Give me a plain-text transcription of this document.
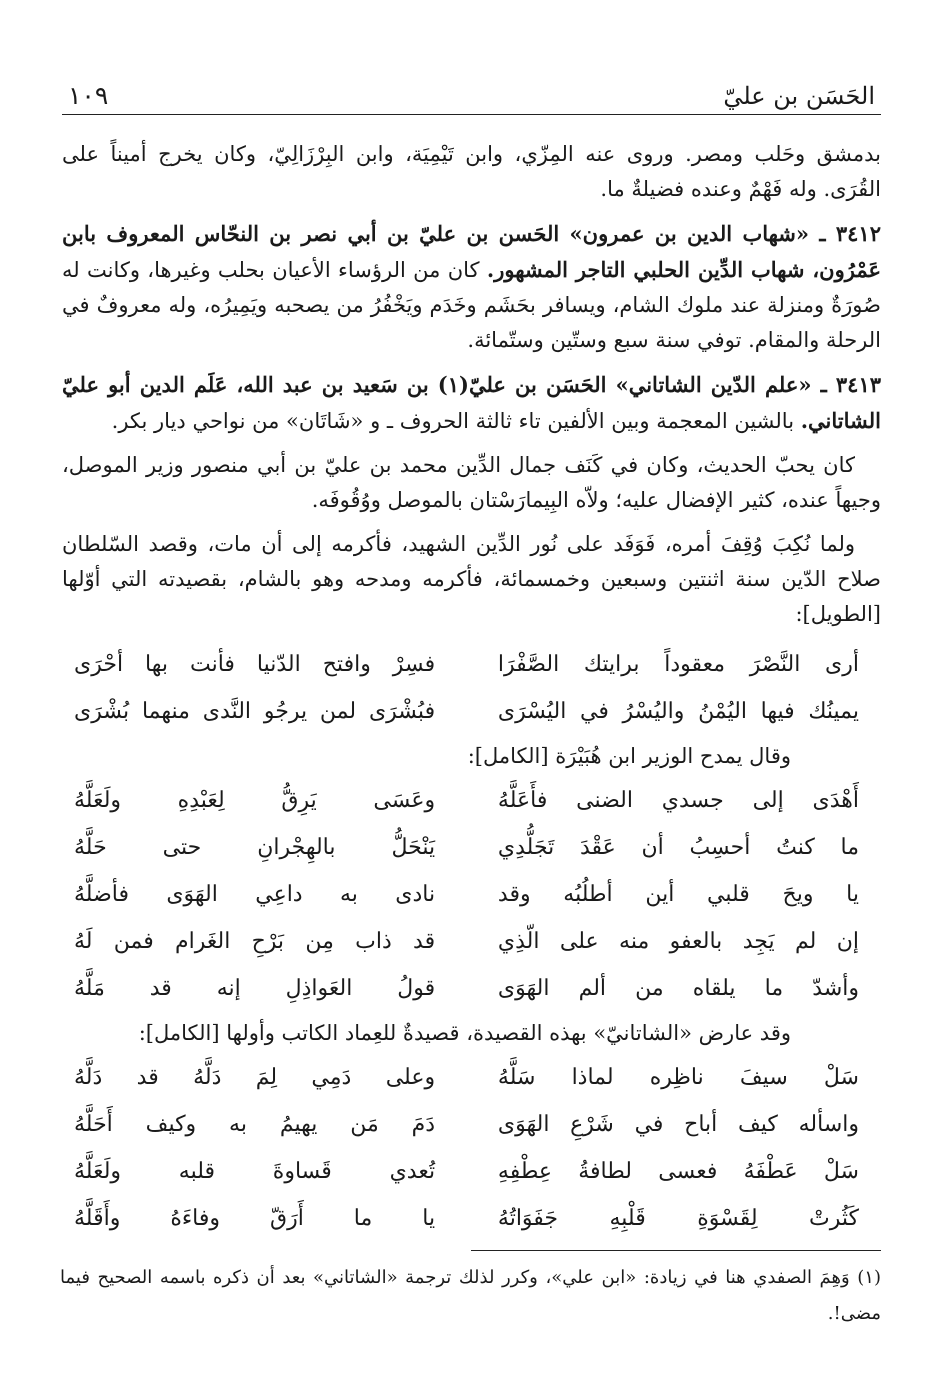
الحَسَن بن عليّ
١٠٩

بدمشق وحَلب ومصر. وروى عنه المِزّي، وابن تَيْمِيَة، وابن البِرْزَالِيّ، وكان يخرج أميناً على القُرَى. وله فَهْمٌ وعنده فضيلةٌ ما.

٣٤١٢ ـ «شهاب الدين بن عمرون» الحَسن بن عليّ بن أبي نصر بن النحّاس المعروف بابن عَمْرُون، شهاب الدِّين الحلبي التاجر المشهور. كان من الرؤساء الأعيان بحلب وغيرها، وكانت له صُورَةٌ ومنزلة عند ملوك الشام، ويسافر بحَشَم وخَدَم ويَخْفُرُ من يصحبه ويَمِيرُه، وله معروفٌ في الرحلة والمقام. توفي سنة سبع وستّين وستّمائة.

٣٤١٣ ـ «علم الدّين الشاتاني» الحَسَن بن عليّ(١) بن سَعيد بن عبد الله، عَلَم الدين أبو عليّ الشاتاني. بالشين المعجمة وبين الألفين تاء ثالثة الحروف ـ و «شَاتَان» من نواحي ديار بكر.

كان يحبّ الحديث، وكان في كَنَف جمال الدِّين محمد بن عليّ بن أبي منصور وزير الموصل، وجيهاً عنده، كثير الإفضال عليه؛ ولاّه البِيمارَسْتان بالموصل ووُقُوفَه.

ولما نُكِبَ وُقِفَ أمره، فَوَفَد على نُور الدِّين الشهيد، فأكرمه إلى أن مات، وقصد السّلطان صلاح الدّين سنة اثنتين وسبعين وخمسمائة، فأكرمه ومدحه وهو بالشام، بقصيدته التي أوّلها [الطويل]:

أرى النَّصْرَ معقوداً برايتك الصَّفْرَا
فسِرْ وافتح الدّنيا فأنت بها أحْرَى
يمينُك فيها اليُمْنُ واليُسْرُ في اليُسْرَى
فبُشْرَى لمن يرجُو النَّدى منهما بُشْرَى
وقال يمدح الوزير ابن هُبَيْرَة [الكامل]:
أَهْدَى إلى جسدي الضنى فأَعَلَّهُ
وعَسَى يَرِقُّ لِعَبْدِهِ ولَعَلَّهُ
ما كنتُ أحسِبُ أن عَقْدَ تَجَلُّدِي
يَنْحَلُّ بالهِجْرانِ حتى حَلَّهُ
يا ويحَ قلبي أين أطلُبُه وقد
نادى به داعِي الهَوَى فأضلَّهُ
إن لم يَجِد بالعفو منه على الّذِي
قد ذاب مِن بَرْحِ الغَرام فمن لَهُ
وأشدّ ما يلقاه من ألم الهَوَى
قولُ العَواذِلِ إنه قد مَلَّهُ
وقد عارض «الشاتانيّ» بهذه القصيدة، قصيدةٌ للعِماد الكاتب وأولها [الكامل]:
سَلْ سيفَ ناظِره لماذا سَلَّهُ
وعلى دَمِي لِمَ دَلَّهُ قد دَلَّهُ
واسأله كيف أباح في شَرْعِ الهَوَى
دَمَ مَن يهيمُ به وكيف أَحَلَّهُ
سَلْ عَطْفَهُ فعسى لطافةُ عِطْفِهِ
تُعدي قَساوةَ قلبه ولَعَلَّهُ
كَثُرتْ لِقَسْوَةِ قَلْبِهِ جَفَوَاتُهُ
يا ما أَرَقّ وفاءَهُ وأَقَلَّهُ
(١) وَهِمَ الصفدي هنا في زيادة: «ابن علي»، وكرر لذلك ترجمة «الشاتاني» بعد أن ذكره باسمه الصحيح فيما مضى!.
